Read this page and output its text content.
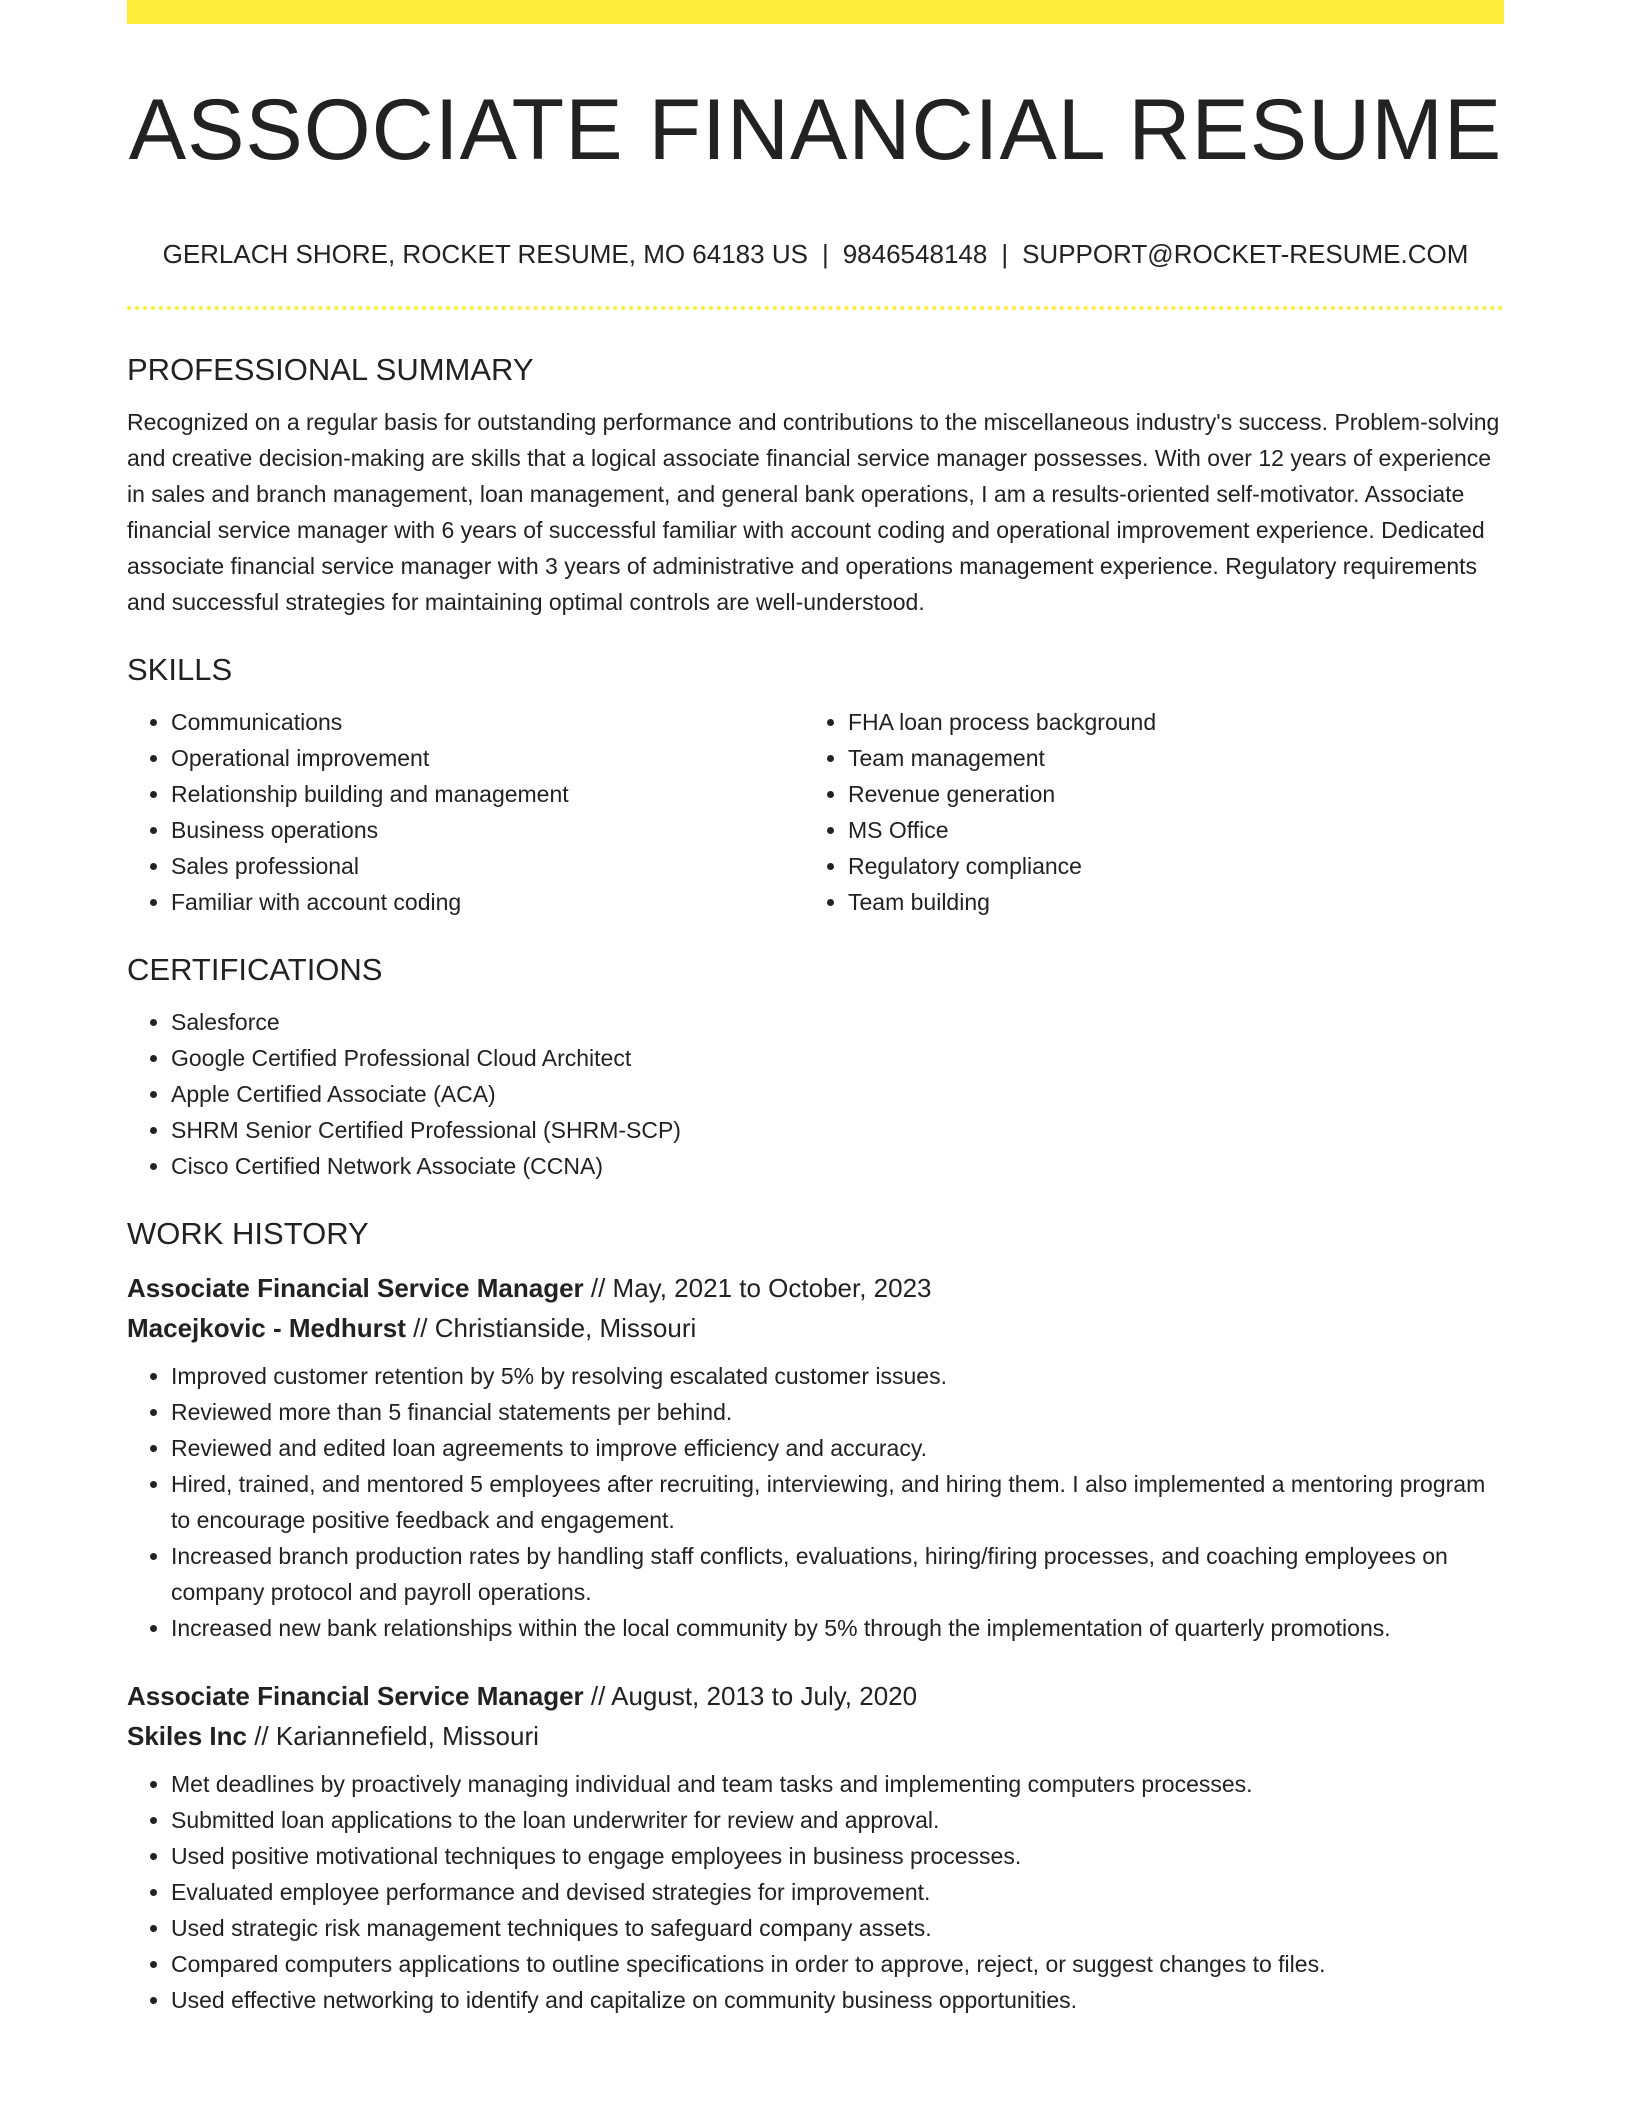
ASSOCIATE FINANCIAL RESUME
GERLACH SHORE, ROCKET RESUME, MO 64183 US | 9846548148 | SUPPORT@ROCKET-RESUME.COM
PROFESSIONAL SUMMARY

Recognized on a regular basis for outstanding performance and contributions to the miscellaneous industry's success. Problem-solving and creative decision-making are skills that a logical associate financial service manager possesses. With over 12 years of experience in sales and branch management, loan management, and general bank operations, I am a results-oriented self-motivator. Associate financial service manager with 6 years of successful familiar with account coding and operational improvement experience. Dedicated associate financial service manager with 3 years of administrative and operations management experience. Regulatory requirements and successful strategies for maintaining optimal controls are well-understood.

SKILLS
• Communications
• Operational improvement
• Relationship building and management
• Business operations
• Sales professional
• Familiar with account coding
• FHA loan process background
• Team management
• Revenue generation
• MS Office
• Regulatory compliance
• Team building
CERTIFICATIONS
• Salesforce
• Google Certified Professional Cloud Architect
• Apple Certified Associate (ACA)
• SHRM Senior Certified Professional (SHRM-SCP)
• Cisco Certified Network Associate (CCNA)
WORK HISTORY
Associate Financial Service Manager // May, 2021 to October, 2023
Macejkovic - Medhurst // Christianside, Missouri
• Improved customer retention by 5% by resolving escalated customer issues.
• Reviewed more than 5 financial statements per behind.
• Reviewed and edited loan agreements to improve efficiency and accuracy.
• Hired, trained, and mentored 5 employees after recruiting, interviewing, and hiring them. I also implemented a mentoring program to encourage positive feedback and engagement.
• Increased branch production rates by handling staff conflicts, evaluations, hiring/firing processes, and coaching employees on company protocol and payroll operations.
• Increased new bank relationships within the local community by 5% through the implementation of quarterly promotions.
Associate Financial Service Manager // August, 2013 to July, 2020
Skiles Inc // Kariannefield, Missouri
• Met deadlines by proactively managing individual and team tasks and implementing computers processes.
• Submitted loan applications to the loan underwriter for review and approval.
• Used positive motivational techniques to engage employees in business processes.
• Evaluated employee performance and devised strategies for improvement.
• Used strategic risk management techniques to safeguard company assets.
• Compared computers applications to outline specifications in order to approve, reject, or suggest changes to files.
• Used effective networking to identify and capitalize on community business opportunities.
